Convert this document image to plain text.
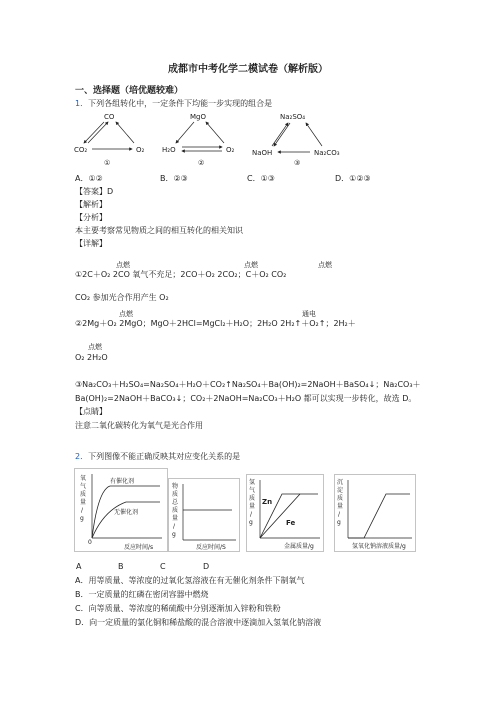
成都市中考化学二模试卷（解析版）
一、选择题（培优题较难）
1．下列各组转化中，一定条件下均能一步实现的组合是
CO
CO₂	O₂
①
MgO
H₂O	O₂
②
Na₂SO₄
NaOH	Na₂CO₃
③
A．①②	B．②③	C．①③	D．①②③
【答案】D
【解析】
【分析】
本主要考察常见物质之间的相互转化的相关知识
【详解】
点燃	点燃	点燃
①2C＋O₂ 2CO 氧气不充足；2CO＋O₂ 2CO₂；C＋O₂ CO₂
CO₂ 参加光合作用产生 O₂
点燃	通电
②2Mg＋O₂ 2MgO；MgO＋2HCl=MgCl₂＋H₂O；2H₂O 2H₂↑＋O₂↑；2H₂＋
点燃
O₂ 2H₂O
③Na₂CO₃＋H₂SO₄=Na₂SO₄＋H₂O＋CO₂↑Na₂SO₄＋Ba(OH)₂=2NaOH＋BaSO₄↓；Na₂CO₃＋
Ba(OH)₂=2NaOH＋BaCO₃↓；CO₂＋2NaOH=Na₂CO₃＋H₂O 都可以实现一步转化，故选 D。
【点睛】
注意二氧化碳转化为氧气是光合作用
2．下列图像不能正确反映其对应变化关系的是
氧
气
质
量
/
g
0
有催化剂
无催化剂
反应时间/s
物
质
总
质
量
/
g
反应时间/S
氢
气
质
量
/
g
Zn
Fe
金属质量/g
沉
淀
质
量
/
g
氢氧化钠溶液质量/g
A	B	C	D
A．用等质量、等浓度的过氧化氢溶液在有无催化剂条件下制氧气
B．一定质量的红磷在密闭容器中燃烧
C．向等质量、等浓度的稀硫酸中分别逐渐加入锌粉和铁粉
D．向一定质量的氯化铜和稀盐酸的混合溶液中逐滴加入氢氧化钠溶液
